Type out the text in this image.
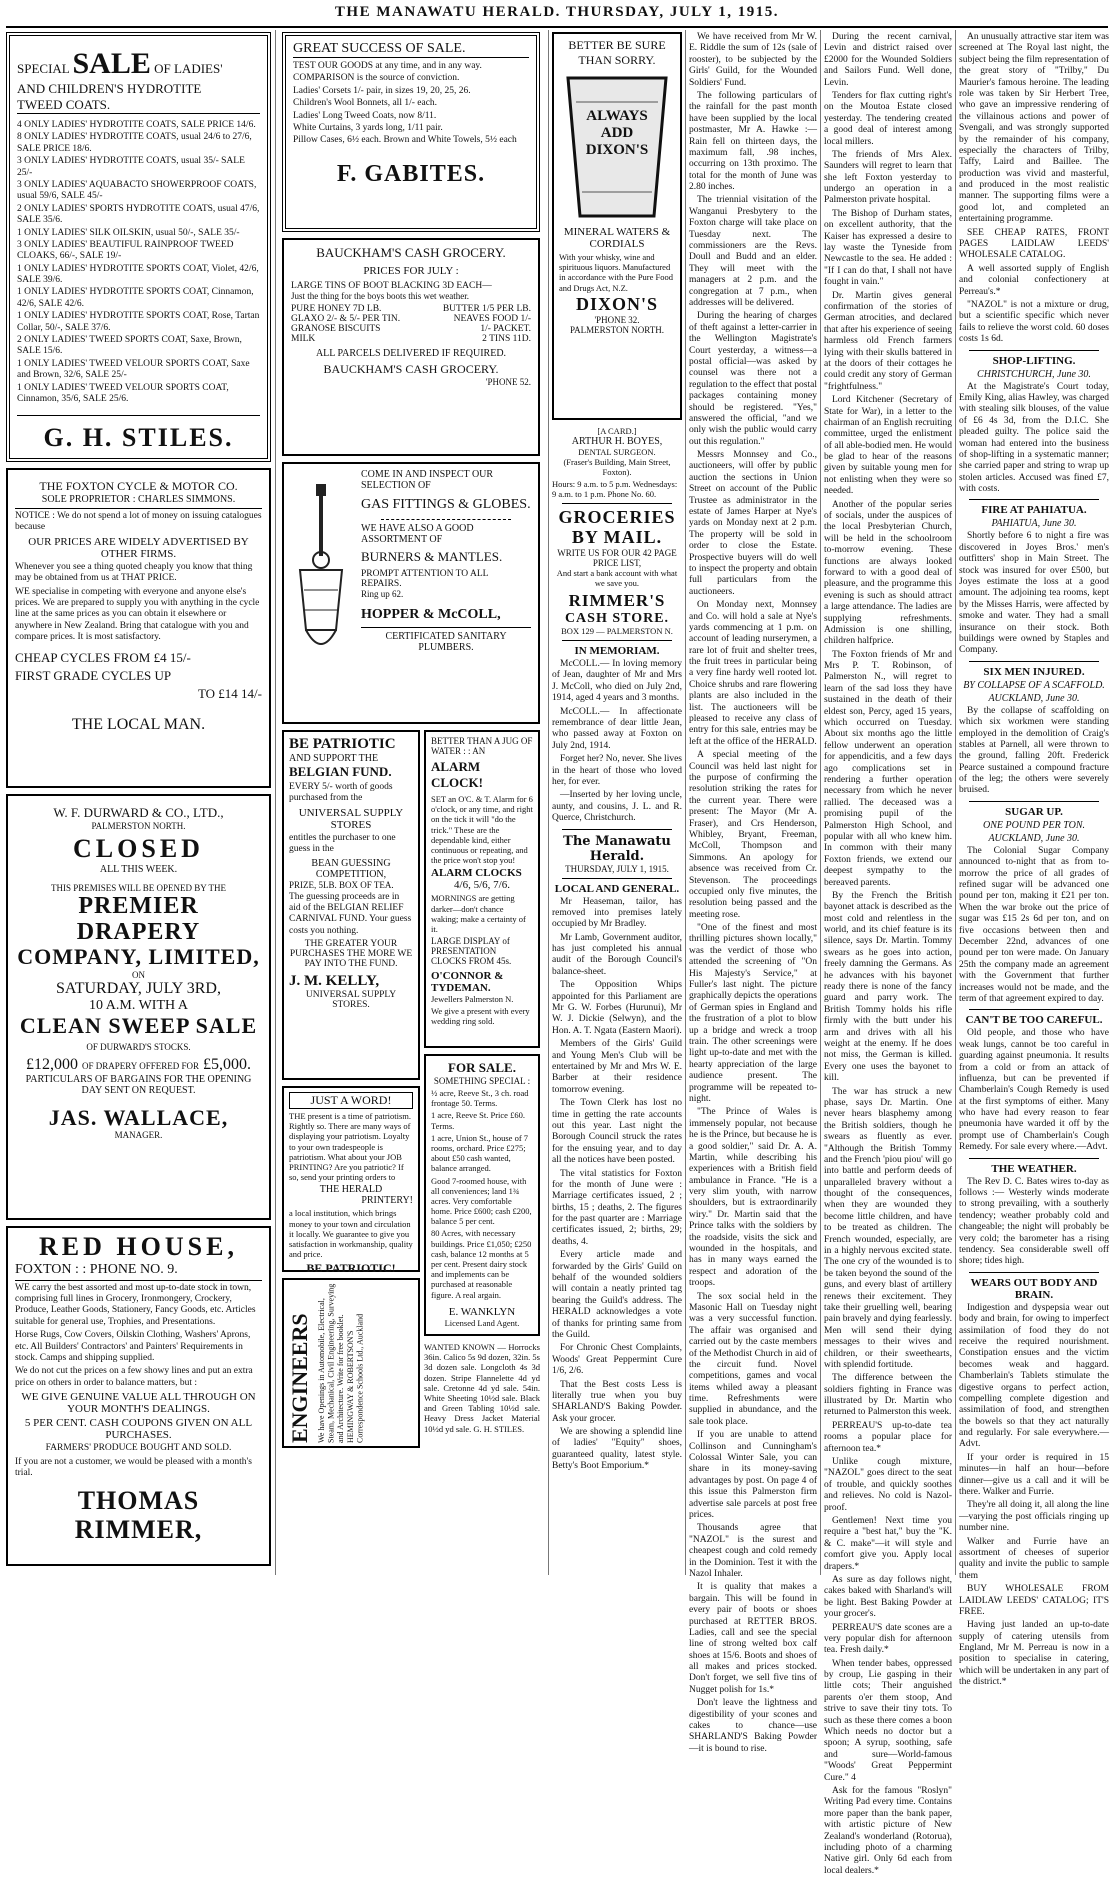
THE MANAWATU HERALD. THURSDAY, JULY 1, 1915.
SPECIAL SALE OF LADIES'
AND CHILDREN'S HYDROTITE
TWEED COATS.

4 ONLY LADIES' HYDROTITE COATS, SALE PRICE 14/6.

8 ONLY LADIES' HYDROTITE COATS, usual 24/6 to 27/6, SALE PRICE 18/6.

3 ONLY LADIES' HYDROTITE COATS, usual 35/- SALE 25/-

3 ONLY LADIES' AQUABACTO SHOWERPROOF COATS, usual 59/6, SALE 45/-

2 ONLY LADIES' SPORTS HYDROTITE COATS, usual 47/6, SALE 35/6.

1 ONLY LADIES' SILK OILSKIN, usual 50/-, SALE 35/-

3 ONLY LADIES' BEAUTIFUL RAINPROOF TWEED CLOAKS, 66/-, SALE 19/-

1 ONLY LADIES' HYDROTITE SPORTS COAT, Violet, 42/6, SALE 39/6.

1 ONLY LADIES' HYDROTITE SPORTS COAT, Cinnamon, 42/6, SALE 42/6.

1 ONLY LADIES' HYDROTITE SPORTS COAT, Rose, Tartan Collar, 50/-, SALE 37/6.

2 ONLY LADIES' TWEED SPORTS COAT, Saxe, Brown, SALE 15/6.

1 ONLY LADIES' TWEED VELOUR SPORTS COAT, Saxe and Brown, 32/6, SALE 25/-

1 ONLY LADIES' TWEED VELOUR SPORTS COAT, Cinnamon, 35/6, SALE 25/6.

G. H. STILES.
THE FOXTON CYCLE & MOTOR CO.
SOLE PROPRIETOR : CHARLES SIMMONS.

NOTICE : We do not spend a lot of money on issuing catalogues because

OUR PRICES ARE WIDELY ADVERTISED BY OTHER FIRMS.

Whenever you see a thing quoted cheaply you know that thing may be obtained from us at THAT PRICE.

WE specialise in competing with everyone and anyone else's prices. We are prepared to supply you with anything in the cycle line at the same prices as you can obtain it elsewhere or anywhere in New Zealand. Bring that catalogue with you and compare prices. It is most satisfactory.

CHEAP CYCLES FROM £4 15/-

FIRST GRADE CYCLES UP

TO £14 14/-

THE LOCAL MAN.

W. F. DURWARD & CO., LTD.,
PALMERSTON NORTH.
CLOSED
ALL THIS WEEK.
THIS PREMISES WILL BE OPENED BY THE
PREMIER DRAPERY
COMPANY, LIMITED,
ON
SATURDAY, JULY 3RD,
10 A.M. WITH A
CLEAN SWEEP SALE
OF DURWARD'S STOCKS.
£12,000 OF DRAPERY OFFERED FOR £5,000.
PARTICULARS OF BARGAINS FOR THE OPENING DAY SENT ON REQUEST.
JAS. WALLACE,
MANAGER.
RED HOUSE,
FOXTON : : PHONE NO. 9.

WE carry the best assorted and most up-to-date stock in town, comprising full lines in Grocery, Ironmongery, Crockery, Produce, Leather Goods, Stationery, Fancy Goods, etc. Articles suitable for general use, Trophies, and Presentations.

Horse Rugs, Cow Covers, Oilskin Clothing, Washers' Aprons, etc. All Builders' Contractors' and Painters' Requirements in stock. Camps and shipping supplied.

We do not cut the prices on a few showy lines and put an extra price on others in order to balance matters, but :

WE GIVE GENUINE VALUE ALL THROUGH ON YOUR MONTH'S DEALINGS.

5 PER CENT. CASH COUPONS GIVEN ON ALL PURCHASES.

FARMERS' PRODUCE BOUGHT AND SOLD.

If you are not a customer, we would be pleased with a month's trial.

THOMAS RIMMER,
GREAT SUCCESS OF SALE.

TEST OUR GOODS at any time, and in any way.

COMPARISON is the source of conviction.

Ladies' Corsets 1/- pair, in sizes 19, 20, 25, 26.

Children's Wool Bonnets, all 1/- each.

Ladies' Long Tweed Coats, now 8/11.

White Curtains, 3 yards long, 1/11 pair.

Pillow Cases, 6½ each. Brown and White Towels, 5½ each

F. GABITES.
BAUCKHAM'S CASH GROCERY.
PRICES FOR JULY :
LARGE TINS OF BOOT BLACKING 3D EACH—
Just the thing for the boys boots this wet weather.
PURE HONEY 7D LB.	BUTTER 1/5 PER LB.
GLAXO 2/- & 5/- PER TIN.	NEAVES FOOD 1/-
GRANOSE BISCUITS	1/- PACKET.
MILK	2 TINS 11D.
ALL PARCELS DELIVERED IF REQUIRED.
BAUCKHAM'S CASH GROCERY.
'PHONE 52.
COME IN AND INSPECT OUR SELECTION OF
GAS FITTINGS & GLOBES.
WE HAVE ALSO A GOOD ASSORTMENT OF
BURNERS & MANTLES.
PROMPT ATTENTION TO ALL REPAIRS.
Ring up 62.
HOPPER & McCOLL,
CERTIFICATED SANITARY PLUMBERS.
BE PATRIOTIC
AND SUPPORT THE
BELGIAN FUND.

EVERY 5/- worth of goods purchased from the

UNIVERSAL SUPPLY STORES

entitles the purchaser to one guess in the

BEAN GUESSING COMPETITION,
PRIZE, 5LB. BOX OF TEA.

The guessing proceeds are in aid of the BELGIAN RELIEF CARNIVAL FUND. Your guess costs you nothing.

THE GREATER YOUR PURCHASES THE MORE WE PAY INTO THE FUND.

J. M. KELLY,
UNIVERSAL SUPPLY STORES.
JUST A WORD!

THE present is a time of patriotism. Rightly so. There are many ways of displaying your patriotism. Loyalty to your own tradespeople is patriotism. What about your JOB PRINTING? Are you patriotic? If so, send your printing orders to

THE HERALD
PRINTERY!

a local institution, which brings money to your town and circulation it locally. We guarantee to give you satisfaction in workmanship, quality and price.

BE PATRIOTIC!
ENGINEERS We have Openings in Automobile, Electrical, Steam, Mechanical, Civil Engineering, Surveying and Architecture. Write for free booklet. HEMINGWAY & ROBERTSON'S Correspondence Schools Ltd., Auckland
BETTER THAN A JUG OF WATER : : AN
ALARM CLOCK!

SET an O'C. & T. Alarm for 6 o'clock, or any time, and right on the tick it will "do the trick." These are the dependable kind, either continuous or repeating, and the price won't stop you!

ALARM CLOCKS
4/6, 5/6, 7/6.

MORNINGS are getting darker—don't chance waking; make a certainty of it.

LARGE DISPLAY of PRESENTATION CLOCKS FROM 45s.

O'CONNOR & TYDEMAN.
Jewellers Palmerston N.

We give a present with every wedding ring sold.

FOR SALE.
SOMETHING SPECIAL :

½ acre, Reeve St., 3 ch. road frontage 50. Terms.

1 acre, Reeve St. Price £60. Terms.

1 acre, Union St., house of 7 rooms, orchard. Price £275; about £50 cash wanted, balance arranged.

Good 7-roomed house, with all conveniences; land 1¾ acres. Very comfortable home. Price £600; cash £200, balance 5 per cent.

80 Acres, with necessary buildings. Price £1,050; £250 cash, balance 12 months at 5 per cent. Present dairy stock and implements can be purchased at reasonable figure. A real argain.

E. WANKLYN
Licensed Land Agent.

WANTED KNOWN — Horrocks 36in. Calico 5s 9d dozen, 32in. 5s 3d dozen sale. Longcloth 4s 3d dozen. Stripe Flannelette 4d yd sale. Cretonne 4d yd sale. 54in. White Sheeting 10½d sale. Black and Green Tabling 10½d sale. Heavy Dress Jacket Material 10½d yd sale. G. H. STILES.

BETTER BE SURE THAN SORRY.
ALWAYS
ADD
DIXON'S
MINERAL WATERS & CORDIALS

With your whisky, wine and spirituous liquors. Manufactured in accordance with the Pure Food and Drugs Act, N.Z.

DIXON'S
'PHONE 32.
PALMERSTON NORTH.
[A CARD.]
ARTHUR H. BOYES,
DENTAL SURGEON.
(Fraser's Building, Main Street, Foxton).

Hours: 9 a.m. to 5 p.m. Wednesdays: 9 a.m. to 1 p.m. Phone No. 60.

GROCERIES
BY MAIL.
WRITE US FOR OUR 42 PAGE PRICE LIST,
And start a bank account with what we save you.
RIMMER'S
CASH STORE.
BOX 129 — PALMERSTON N.
IN MEMORIAM.

McCOLL.— In loving memory of Jean, daughter of Mr and Mrs J. McColl, who died on July 2nd, 1914, aged 4 years and 3 months.

McCOLL.— In affectionate remembrance of dear little Jean, who passed away at Foxton on July 2nd, 1914.

Forget her? No, never. She lives in the heart of those who loved her, for ever.

—Inserted by her loving uncle, aunty, and cousins, J. L. and R. Querce, Christchurch.

The Manawatu Herald.
THURSDAY, JULY 1, 1915.
LOCAL AND GENERAL.

Mr Heaseman, tailor, has removed into premises lately occupied by Mr Bradley.

Mr Lamb, Government auditor, has just completed his annual audit of the Borough Council's balance-sheet.

The Opposition Whips appointed for this Parliament are Mr G. W. Forbes (Hurunui), Mr W. J. Dickie (Selwyn), and the Hon. A. T. Ngata (Eastern Maori).

Members of the Girls' Guild and Young Men's Club will be entertained by Mr and Mrs W. E. Barber at their residence tomorrow evening.

The Town Clerk has lost no time in getting the rate accounts out this year. Last night the Borough Council struck the rates for the ensuing year, and to day all the notices have been posted.

The vital statistics for Foxton for the month of June were : Marriage certificates issued, 2 ; births, 15 ; deaths, 2. The figures for the past quarter are : Marriage certificates issued, 2; births, 29; deaths, 4.

Every article made and forwarded by the Girls' Guild on behalf of the wounded soldiers will contain a neatly printed tag bearing the Guild's address. The HERALD acknowledges a vote of thanks for printing same from the Guild.

For Chronic Chest Complaints, Woods' Great Peppermint Cure 1/6, 2/6.

That the Best costs Less is literally true when you buy SHARLAND'S Baking Powder. Ask your grocer.

We are showing a splendid line of ladies' "Equity" shoes, guaranteed quality, latest style. Betty's Boot Emporium.*

We have received from Mr W. E. Riddle the sum of 12s (sale of rooster), to be subjected by the Girls' Guild, for the Wounded Soldiers' Fund.

The following particulars of the rainfall for the past month have been supplied by the local postmaster, Mr A. Hawke :—Rain fell on thirteen days, the maximum fall, .98 inches, occurring on 13th proximo. The total for the month of June was 2.80 inches.

The triennial visitation of the Wanganui Presbytery to the Foxton charge will take place on Tuesday next. The commissioners are the Revs. Doull and Budd and an elder. They will meet with the managers at 2 p.m. and the congregation at 7 p.m., when addresses will be delivered.

During the hearing of charges of theft against a letter-carrier in the Wellington Magistrate's Court yesterday, a witness—a postal official—was asked by counsel was there not a regulation to the effect that postal packages containing money should be registered. "Yes," answered the official, "and we only wish the public would carry out this regulation."

Messrs Monnsey and Co., auctioneers, will offer by public auction the sections in Union Street on account of the Public Trustee as administrator in the estate of James Harper at Nye's yards on Monday next at 2 p.m. The property will be sold in order to close the Estate. Prospective buyers will do well to inspect the property and obtain full particulars from the auctioneers.

On Monday next, Monnsey and Co. will hold a sale at Nye's yards commencing at 1 p.m. on account of leading nurserymen, a rare lot of fruit and shelter trees, the fruit trees in particular being a very fine hardy well rooted lot. Choice shrubs and rare flowering plants are also included in the list. The auctioneers will be pleased to receive any class of entry for this sale, entries may be left at the office of the HERALD.

A special meeting of the Council was held last night for the purpose of confirming the resolution striking the rates for the current year. There were present: The Mayor (Mr A. Fraser), and Crs Henderson, Whibley, Bryant, Freeman, McColl, Thompson and Simmons. An apology for absence was received from Cr. Stevenson. The proceedings occupied only five minutes, the resolution being passed and the meeting rose.

"One of the finest and most thrilling pictures shown locally," was the verdict of those who attended the screening of "On His Majesty's Service," at Fuller's last night. The picture graphically depicts the operations of German spies in England and the frustration of a plot to blow up a bridge and wreck a troop train. The other screenings were light up-to-date and met with the hearty appreciation of the large audience present. The programme will be repeated to-night.

"The Prince of Wales is immensely popular, not because he is the Prince, but because he is a good soldier," said Dr. A. A. Martin, while describing his experiences with a British field ambulance in France. "He is a very slim youth, with narrow shoulders, but is extraordinarily wiry." Dr. Martin said that the Prince talks with the soldiers by the roadside, visits the sick and wounded in the hospitals, and has in many ways earned the respect and adoration of the troops.

The sox social held in the Masonic Hall on Tuesday night was a very successful function. The affair was organised and carried out by the caste members of the Methodist Church in aid of the circuit fund. Novel competitions, games and vocal items whiled away a pleasant time. Refreshments were supplied in abundance, and the sale took place.

If you are unable to attend Collinson and Cunningham's Colossal Winter Sale, you can share in its money-saving advantages by post. On page 4 of this issue this Palmerston firm advertise sale parcels at post free prices.

Thousands agree that "NAZOL" is the surest and cheapest cough and cold remedy in the Dominion. Test it with the Nazol Inhaler.

It is quality that makes a bargain. This will be found in every pair of boots or shoes purchased at RETTER BROS. Ladies, call and see the special line of strong welted box calf shoes at 15/6. Boots and shoes of all makes and prices stocked. Don't forget, we sell five tins of Nugget polish for 1s.*

Don't leave the lightness and digestibility of your scones and cakes to chance—use SHARLAND'S Baking Powder—it is bound to rise.

During the recent carnival, Levin and district raised over £2000 for the Wounded Soldiers and Sailors Fund. Well done, Levin.

Tenders for flax cutting right's on the Moutoa Estate closed yesterday. The tendering created a good deal of interest among local millers.

The friends of Mrs Alex. Saunders will regret to learn that she left Foxton yesterday to undergo an operation in a Palmerston private hospital.

The Bishop of Durham states, on excellent authority, that the Kaiser has expressed a desire to lay waste the Tyneside from Newcastle to the sea. He added : "If I can do that, I shall not have fought in vain."

Dr. Martin gives general confirmation of the stories of German atrocities, and declared that after his experience of seeing harmless old French farmers lying with their skulls battered in at the doors of their cottages he could credit any story of German "frightfulness."

Lord Kitchener (Secretary of State for War), in a letter to the chairman of an English recruiting committee, urged the enlistment of all able-bodied men. He would be glad to hear of the reasons given by suitable young men for not enlisting when they were so needed.

Another of the popular series of socials, under the auspices of the local Presbyterian Church, will be held in the schoolroom to-morrow evening. These functions are always looked forward to with a good deal of pleasure, and the programme this evening is such as should attract a large attendance. The ladies are supplying refreshments. Admission is one shilling, children halfprice.

The Foxton friends of Mr and Mrs P. T. Robinson, of Palmerston N., will regret to learn of the sad loss they have sustained in the death of their eldest son, Percy, aged 15 years, which occurred on Tuesday. About six months ago the little fellow underwent an operation for appendicitis, and a few days ago complications set in rendering a further operation necessary from which he never rallied. The deceased was a promising pupil of the Palmerston High School, and popular with all who knew him. In common with their many Foxton friends, we extend our deepest sympathy to the bereaved parents.

By the French the British bayonet attack is described as the most cold and relentless in the world, and its chief feature is its silence, says Dr. Martin. Tommy swears as he goes into action, freely damning the Germans. As he advances with his bayonet ready there is none of the fancy guard and parry work. The British Tommy holds his rifle firmly with the butt under his arm and drives with all his weight at the enemy. If he does not miss, the German is killed. Every one uses the bayonet to kill.

The war has struck a new phase, says Dr. Martin. One never hears blasphemy among the British soldiers, though he swears as fluently as ever. "Although the British Tommy and the French 'piou piou' will go into battle and perform deeds of unparalleled bravery without a thought of the consequences, when they are wounded they become little children, and have to be treated as children. The French wounded, especially, are in a highly nervous excited state. The one cry of the wounded is to be taken beyond the sound of the guns, and every blast of artillery renews their excitement. They take their gruelling well, bearing pain bravely and dying fearlessly. Men will send their dying messages to their wives and children, or their sweethearts, with splendid fortitude.

The difference between the soldiers fighting in France was illustrated by Dr. Martin who returned to Palmerston this week.

PERREAU'S up-to-date tea rooms a popular place for afternoon tea.*

Unlike cough mixture, "NAZOL" goes direct to the seat of trouble, and quickly soothes and relieves. No cold is Nazol-proof.

Gentlemen! Next time you require a "best hat," buy the "K. & C. make"—it will style and comfort give you. Apply local drapers.*

As sure as day follows night, cakes baked with Sharland's will be light. Best Baking Powder at your grocer's.

PERREAU'S date scones are a very popular dish for afternoon tea. Fresh daily.*

When tender babes, oppressed by croup, Lie gasping in their little cots; Their anguished parents o'er them stoop, And strive to save their tiny tots. To such as these there comes a boon Which needs no doctor but a spoon; A syrup, soothing, safe and sure—World-famous "Woods' Great Peppermint Cure." 4

Ask for the famous "Roslyn" Writing Pad every time. Contains more paper than the bank paper, with artistic picture of New Zealand's wonderland (Rotorua), including photo of a charming Native girl. Only 6d each from local dealers.*

An unusually attractive star item was screened at The Royal last night, the subject being the film representation of the great story of "Trilby," Du Maurier's famous heroine. The leading role was taken by Sir Herbert Tree, who gave an impressive rendering of the villainous actions and power of Svengali, and was strongly supported by the remainder of his company, especially the characters of Trilby, Taffy, Laird and Baillee. The production was vivid and masterful, and produced in the most realistic manner. The supporting films were a good lot, and completed an entertaining programme.

SEE CHEAP RATES, FRONT PAGES LAIDLAW LEEDS' WHOLESALE CATALOG.

A well assorted supply of English and colonial confectionery at Perreau's.*

"NAZOL" is not a mixture or drug, but a scientific specific which never fails to relieve the worst cold. 60 doses costs 1s 6d.

SHOP-LIFTING.
CHRISTCHURCH, June 30.

At the Magistrate's Court today, Emily King, alias Hawley, was charged with stealing silk blouses, of the value of £6 4s 3d, from the D.I.C. She pleaded guilty. The police said the woman had entered into the business of shop-lifting in a systematic manner; she carried paper and string to wrap up stolen articles. Accused was fined £7, with costs.

FIRE AT PAHIATUA.
PAHIATUA, June 30.

Shortly before 6 to night a fire was discovered in Joyes Bros.' men's outfitters' shop in Main Street. The stock was insured for over £500, but Joyes estimate the loss at a good amount. The adjoining tea rooms, kept by the Misses Harris, were affected by smoke and water. They had a small insurance on their stock. Both buildings were owned by Staples and Company.

SIX MEN INJURED.
BY COLLAPSE OF A SCAFFOLD.
AUCKLAND, June 30.

By the collapse of scaffolding on which six workmen were standing employed in the demolition of Craig's stables at Parnell, all were thrown to the ground, falling 20ft. Frederick Pearce sustained a compound fracture of the leg; the others were severely bruised.

SUGAR UP.
ONE POUND PER TON.
AUCKLAND, June 30.

The Colonial Sugar Company announced to-night that as from to-morrow the price of all grades of refined sugar will be advanced one pound per ton, making it £21 per ton. When the war broke out the price of sugar was £15 2s 6d per ton, and on five occasions between then and December 22nd, advances of one pound per ton were made. On January 25th the company made an agreement with the Government that further increases would not be made, and the term of that agreement expired to day.

CAN'T BE TOO CAREFUL.

Old people, and those who have weak lungs, cannot be too careful in guarding against pneumonia. It results from a cold or from an attack of influenza, but can be prevented if Chamberlain's Cough Remedy is used at the first symptoms of either. Many who have had every reason to fear pneumonia have warded it off by the prompt use of Chamberlain's Cough Remedy. For sale every where.—Advt.

THE WEATHER.

The Rev D. C. Bates wires to-day as follows :— Westerly winds moderate to strong prevailing, with a southerly tendency; weather probably cold and changeable; the night will probably be very cold; the barometer has a rising tendency. Sea considerable swell off shore; tides high.

WEARS OUT BODY AND BRAIN.

Indigestion and dyspepsia wear out body and brain, for owing to imperfect assimilation of food they do not receive the required nourishment. Constipation ensues and the victim becomes weak and haggard. Chamberlain's Tablets stimulate the digestive organs to perfect action, compelling complete digestion and assimilation of food, and strengthen the bowels so that they act naturally and regularly. For sale everywhere.—Advt.

If your order is required in 15 minutes—in half an hour—before dinner—give us a call and it will be there. Walker and Furrie.

They're all doing it, all along the line—varying the post officials ringing up number nine.

Walker and Furrie have an assortment of cheeses of superior quality and invite the public to sample them

BUY WHOLESALE FROM LAIDLAW LEEDS' CATALOG; IT'S FREE.

Having just landed an up-to-date supply of catering utensils from England, Mr M. Perreau is now in a position to specialise in catering, which will be undertaken in any part of the district.*
